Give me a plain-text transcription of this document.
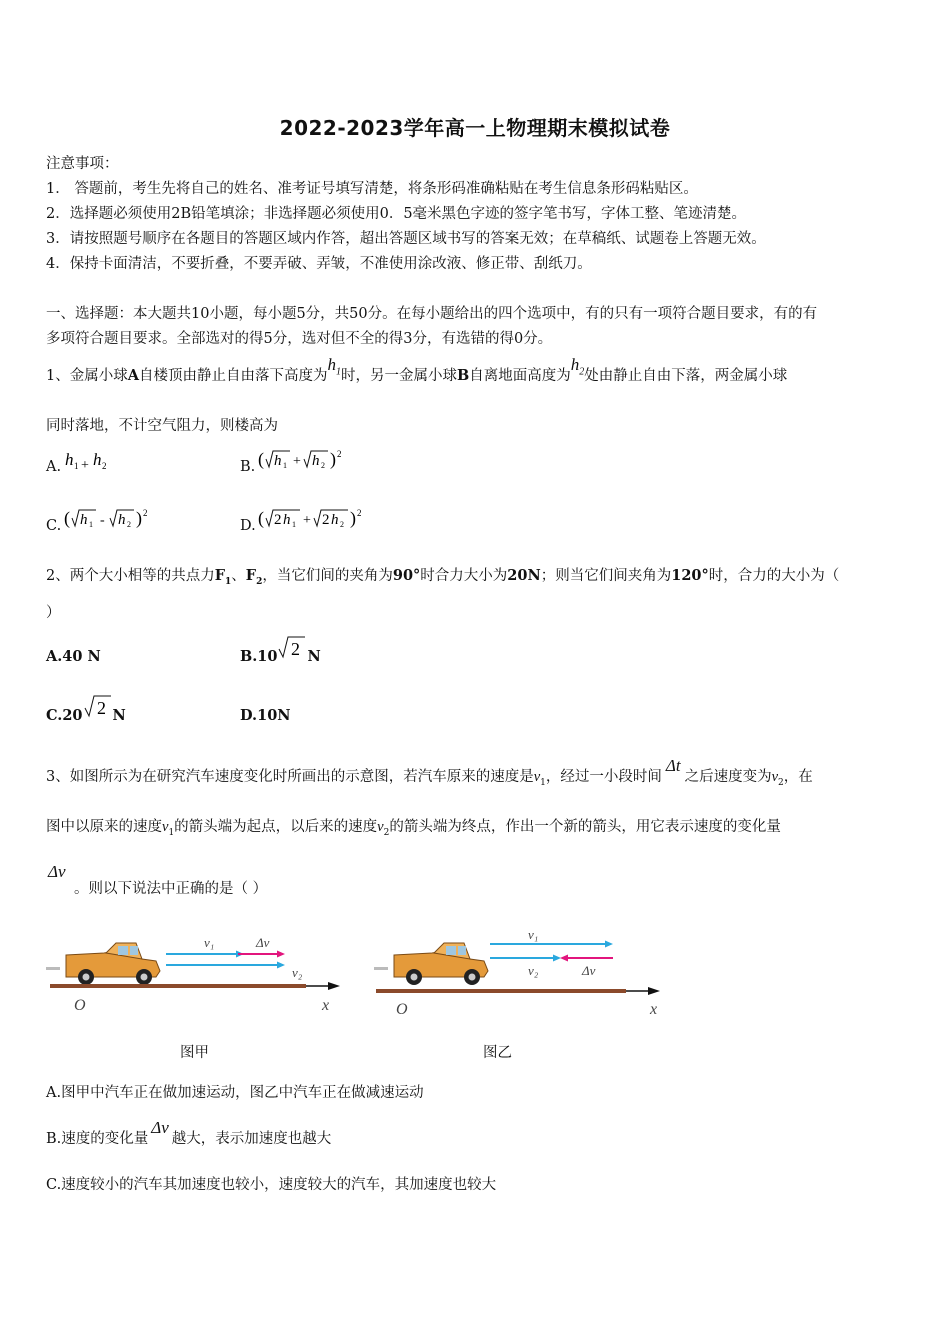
2022-2023学年高一上物理期末模拟试卷
注意事项：
1． 答题前，考生先将自己的姓名、准考证号填写清楚，将条形码准确粘贴在考生信息条形码粘贴区。
2．选择题必须使用2B铅笔填涂；非选择题必须使用0．5毫米黑色字迹的签字笔书写，字体工整、笔迹清楚。
3．请按照题号顺序在各题目的答题区域内作答，超出答题区域书写的答案无效；在草稿纸、试题卷上答题无效。
4．保持卡面清洁，不要折叠，不要弄破、弄皱，不准使用涂改液、修正带、刮纸刀。
一、选择题：本大题共10小题，每小题5分，共50分。在每小题给出的四个选项中，有的只有一项符合题目要求，有的有
多项符合题目要求。全部选对的得5分，选对但不全的得3分，有选错的得0分。
1、金属小球A自楼顶由静止自由落下高度为$h_1$时，另一金属小球B自离地面高度为$h_2$处由静止自由下落，两金属小球
同时落地，不计空气阻力，则楼高为
A. h 1 + h 2	B. ( h 1 + h 2 ) 2
C. ( h 1 - h 2 ) 2
D. ( 2 h 1 + 2 h 2 ) 2
2、两个大小相等的共点力$F_1$、$F_2$，当它们间的夹角为90°时合力大小为20N；则当它们间夹角为120°时，合力的大小为（
）
A.40 N	B.10 2 N
C.20 2 N	D.10N
3、如图所示为在研究汽车速度变化时所画出的示意图，若汽车原来的速度是$v_1$，经过一小段时间Δt之后速度变为$v_2$，在
图中以原来的速度$v_1$的箭头端为起点，以后来的速度$v_2$的箭头端为终点，作出一个新的箭头，用它表示速度的变化量
Δv
。则以下说法中正确的是（ ）
v₁	Δv
v₂
O	x
v₁
v₂	Δv
O	x
图甲	图乙
A.图甲中汽车正在做加速运动，图乙中汽车正在做减速运动
B.速度的变化量Δv越大，表示加速度也越大
C.速度较小的汽车其加速度也较小，速度较大的汽车，其加速度也较大
